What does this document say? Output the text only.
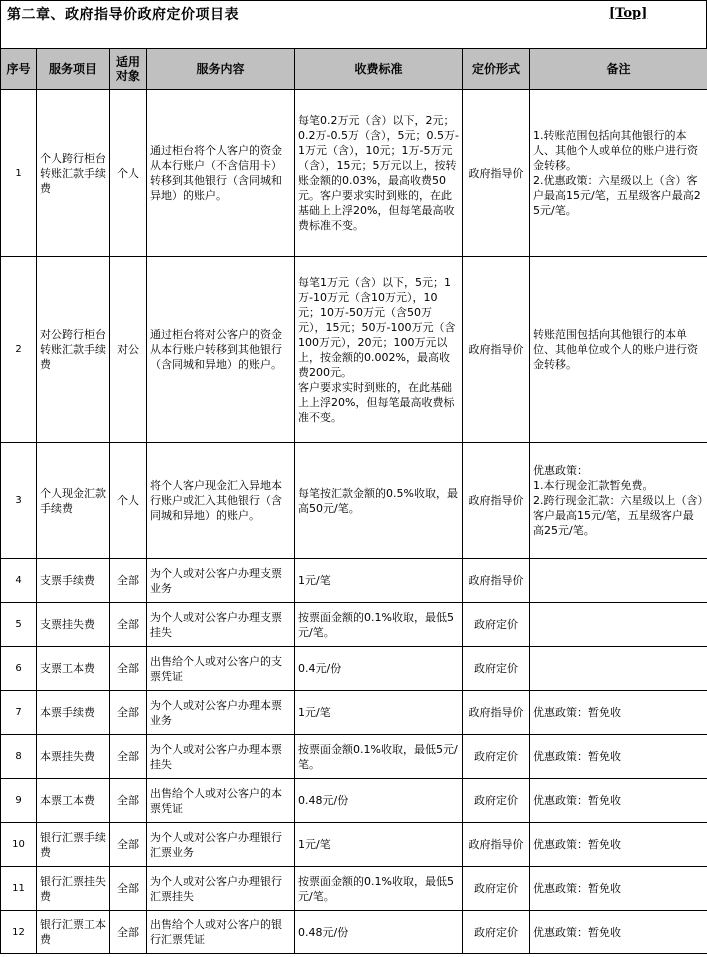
第二章、政府指导价政府定价项目表	[Top]
序号	服务项目	适用对象	服务内容	收费标准	定价形式	备注
1	个人跨行柜台转账汇款手续费	个人	通过柜台将个人客户的资金从本行账户（不含信用卡）转移到其他银行（含同城和异地）的账户。	每笔0.2万元（含）以下，2元；0.2万-0.5万（含），5元；0.5万-1万元（含），10元；1万-5万元（含），15元；5万元以上，按转账金额的0.03%，最高收费50元。客户要求实时到账的，在此基础上上浮20%，但每笔最高收费标准不变。	政府指导价	1.转账范围包括向其他银行的本人、其他个人或单位的账户进行资金转移。
2.优惠政策：六星级以上（含）客户最高15元/笔，五星级客户最高25元/笔。
2	对公跨行柜台转账汇款手续费	对公	通过柜台将对公客户的资金从本行账户转移到其他银行（含同城和异地）的账户。	每笔1万元（含）以下，5元；1万-10万元（含10万元），10元；10万-50万元（含50万元），15元；50万-100万元（含100万元），20元；100万元以上，按金额的0.002%，最高收费200元。
客户要求实时到账的，在此基础上上浮20%，但每笔最高收费标准不变。	政府指导价	转账范围包括向其他银行的本单位、其他单位或个人的账户进行资金转移。
3	个人现金汇款手续费	个人	将个人客户现金汇入异地本行账户或汇入其他银行（含同城和异地）的账户。	每笔按汇款金额的0.5%收取，最高50元/笔。	政府指导价	优惠政策：
1.本行现金汇款暂免费。
2.跨行现金汇款：六星级以上（含）客户最高15元/笔，五星级客户最高25元/笔。
4	支票手续费	全部	为个人或对公客户办理支票业务	1元/笔	政府指导价	
5	支票挂失费	全部	为个人或对公客户办理支票挂失	按票面金额的0.1%收取，最低5元/笔。	政府定价	
6	支票工本费	全部	出售给个人或对公客户的支票凭证	0.4元/份	政府定价	
7	本票手续费	全部	为个人或对公客户办理本票业务	1元/笔	政府指导价	优惠政策：暂免收
8	本票挂失费	全部	为个人或对公客户办理本票挂失	按票面金额0.1%收取，最低5元/笔。	政府定价	优惠政策：暂免收
9	本票工本费	全部	出售给个人或对公客户的本票凭证	0.48元/份	政府定价	优惠政策：暂免收
10	银行汇票手续费	全部	为个人或对公客户办理银行汇票业务	1元/笔	政府指导价	优惠政策：暂免收
11	银行汇票挂失费	全部	为个人或对公客户办理银行汇票挂失	按票面金额的0.1%收取，最低5元/笔。	政府定价	优惠政策：暂免收
12	银行汇票工本费	全部	出售给个人或对公客户的银行汇票凭证	0.48元/份	政府定价	优惠政策：暂免收
